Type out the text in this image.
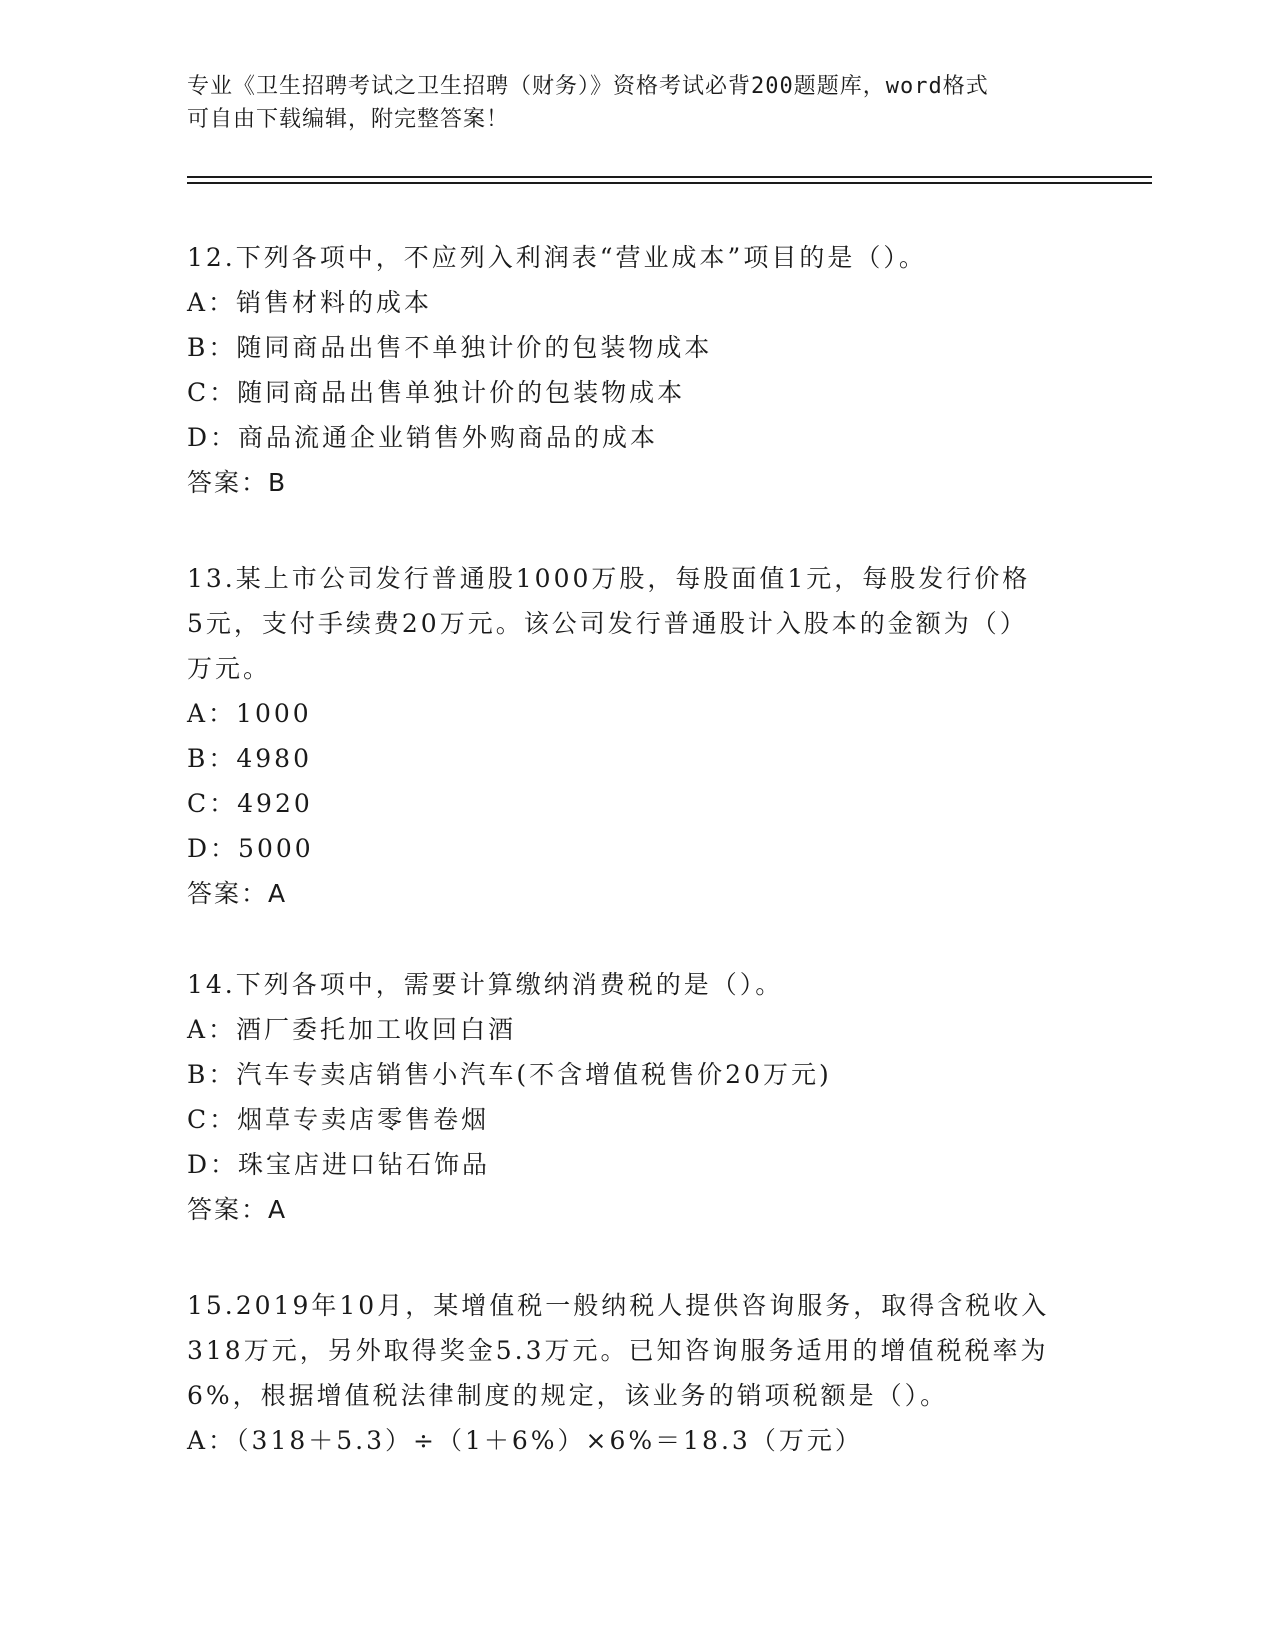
专业《卫生招聘考试之卫生招聘（财务）》资格考试必背200题题库，word格式
可自由下载编辑，附完整答案！
12.下列各项中，不应列入利润表“营业成本”项目的是（）。
A：销售材料的成本
B：随同商品出售不单独计价的包装物成本
C：随同商品出售单独计价的包装物成本
D：商品流通企业销售外购商品的成本
答案：B
13.某上市公司发行普通股1000万股，每股面值1元，每股发行价格
5元，支付手续费20万元。该公司发行普通股计入股本的金额为（）
万元。
A：1000
B：4980
C：4920
D：5000
答案：A
14.下列各项中，需要计算缴纳消费税的是（）。
A：酒厂委托加工收回白酒
B：汽车专卖店销售小汽车(不含增值税售价20万元)
C：烟草专卖店零售卷烟
D：珠宝店进口钻石饰品
答案：A
15.2019年10月，某增值税一般纳税人提供咨询服务，取得含税收入
318万元，另外取得奖金5.3万元。已知咨询服务适用的增值税税率为
6%，根据增值税法律制度的规定，该业务的销项税额是（）。
A：（318＋5.3）÷（1＋6%）×6%＝18.3（万元）
